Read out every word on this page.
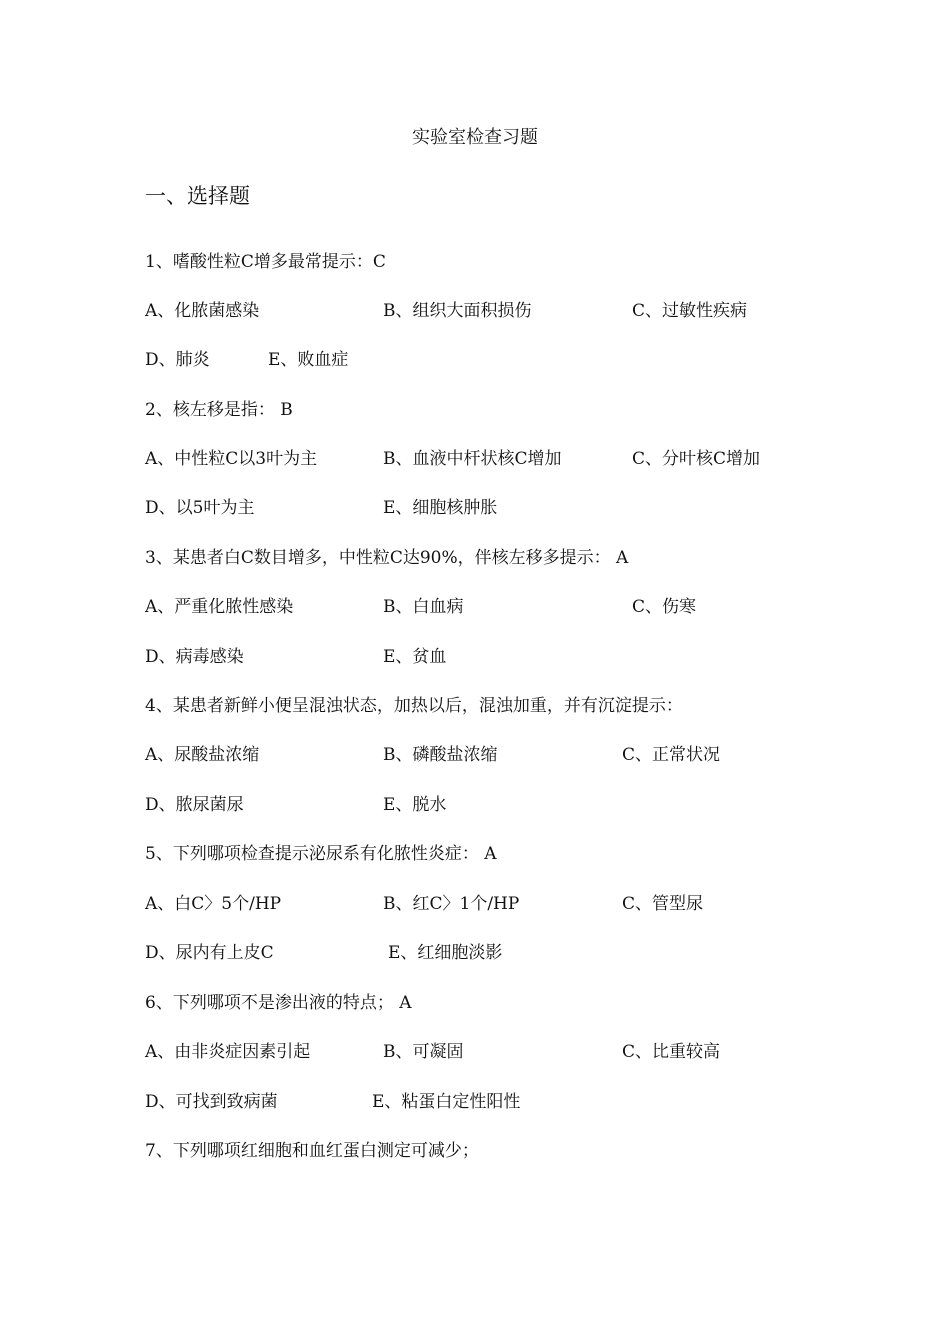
实验室检查习题
一、选择题
1、嗜酸性粒C增多最常提示：C
A、化脓菌感染	B、组织大面积损伤	C、过敏性疾病
D、肺炎	E、败血症
2、核左移是指： B
A、中性粒C以3叶为主	B、血液中杆状核C增加	C、分叶核C增加
D、以5叶为主	E、细胞核肿胀
3、某患者白C数目增多，中性粒C达90%，伴核左移多提示： A
A、严重化脓性感染	B、白血病	C、伤寒
D、病毒感染	E、贫血
4、某患者新鲜小便呈混浊状态，加热以后，混浊加重，并有沉淀提示：
A、尿酸盐浓缩	B、磷酸盐浓缩	C、正常状况
D、脓尿菌尿	E、脱水
5、下列哪项检查提示泌尿系有化脓性炎症： A
A、白C〉5个/HP	B、红C〉1个/HP	C、管型尿
D、尿内有上皮C	E、红细胞淡影
6、下列哪项不是渗出液的特点； A
A、由非炎症因素引起	B、可凝固	C、比重较高
D、可找到致病菌	E、粘蛋白定性阳性
7、下列哪项红细胞和血红蛋白测定可减少；
